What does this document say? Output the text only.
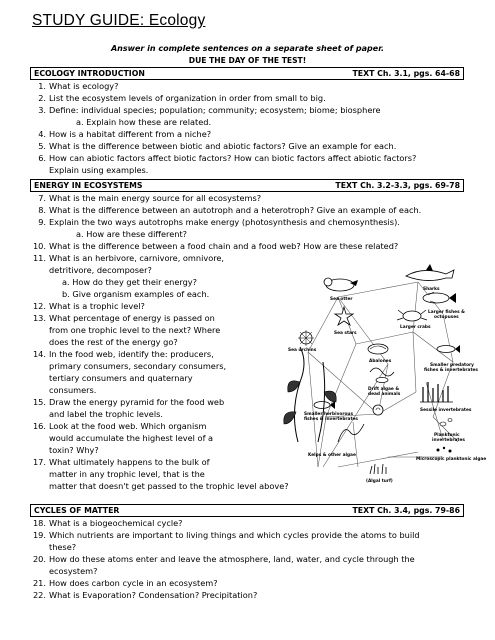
STUDY GUIDE: Ecology
Answer in complete sentences on a separate sheet of paper.
DUE THE DAY OF THE TEST!
ECOLOGY INTRODUCTION	TEXT Ch. 3.1, pgs. 64-68
1. What is ecology?
2. List the ecosystem levels of organization in order from small to big.
3. Define: individual species; population; community; ecosystem; biome; biosphere
a. Explain how these are related.
4. How is a habitat different from a niche?
5. What is the difference between biotic and abiotic factors? Give an example for each.
6. How can abiotic factors affect biotic factors? How can biotic factors affect abiotic factors?
Explain using examples.
ENERGY IN ECOSYSTEMS	TEXT Ch. 3.2-3.3, pgs. 69-78
7. What is the main energy source for all ecosystems?
8. What is the difference between an autotroph and a heterotroph? Give an example of each.
9. Explain the two ways autotrophs make energy (photosynthesis and chemosynthesis).
a. How are these different?
10. What is the difference between a food chain and a food web? How are these related?
11. What is an herbivore, carnivore, omnivore,
detritivore, decomposer?
a. How do they get their energy?
b. Give organism examples of each.
12. What is a trophic level?
13. What percentage of energy is passed on
from one trophic level to the next? Where
does the rest of the energy go?
14. In the food web, identify the: producers,
primary consumers, secondary consumers,
tertiary consumers and quaternary
consumers.
15. Draw the energy pyramid for the food web
and label the trophic levels.
16. Look at the food web. Which organism
would accumulate the highest level of a
toxin? Why?
17. What ultimately happens to the bulk of
matter in any trophic level, that is the
matter that doesn't get passed to the trophic level above?
Sea otter
Sharks
Larger fishes &
octopuses
Sea stars
Larger crabs
Sea urchins
Abalones
Smaller predatory
fishes & invertebrates
Drift algae &
dead animals
Smaller herbivorous
fishes & invertebrates
Sessile invertebrates
Planktonic
invertebrates
Microscopic planktonic algae
Kelps & other algae
(Algal turf)
CYCLES OF MATTER	TEXT Ch. 3.4, pgs. 79-86
18. What is a biogeochemical cycle?
19. Which nutrients are important to living things and which cycles provide the atoms to build
these?
20. How do these atoms enter and leave the atmosphere, land, water, and cycle through the
ecosystem?
21. How does carbon cycle in an ecosystem?
22. What is Evaporation? Condensation? Precipitation?
